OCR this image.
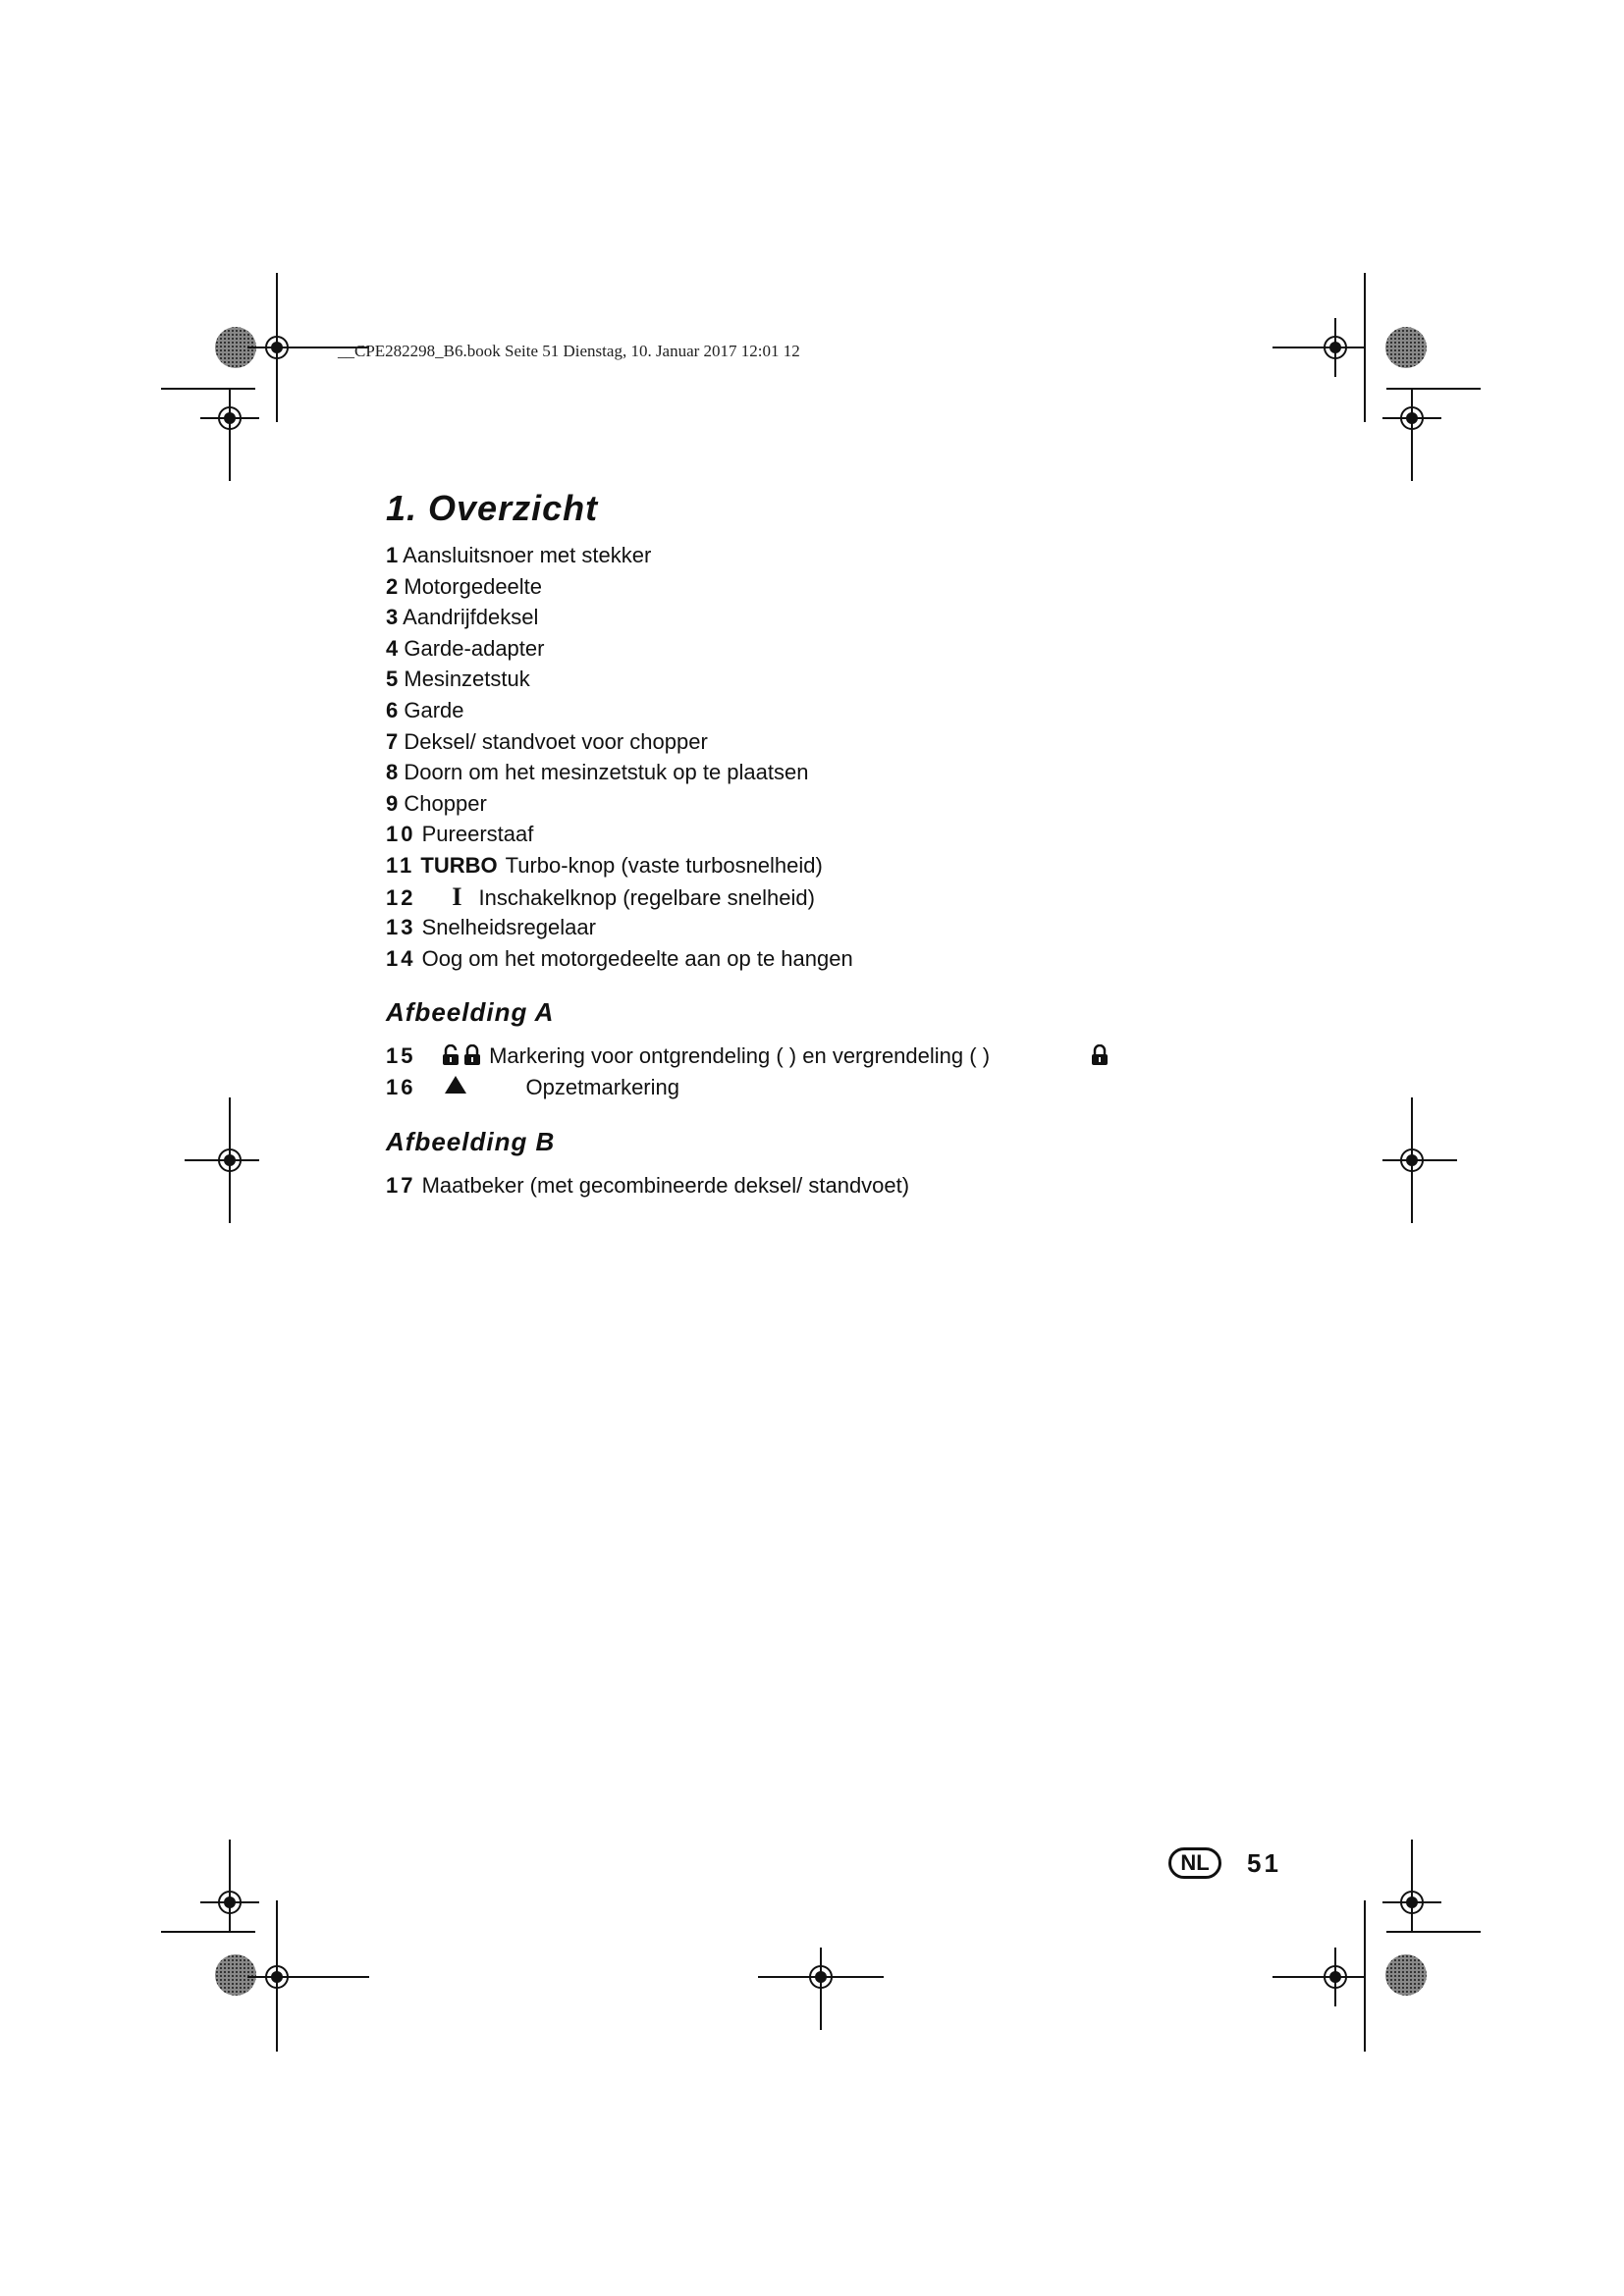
__CPE282298_B6.book Seite 51 Dienstag, 10. Januar 2017 12:01 12
1. Overzicht
1 Aansluitsnoer met stekker
2 Motorgedeelte
3 Aandrijfdeksel
4 Garde-adapter
5 Mesinzetstuk
6 Garde
7 Deksel/ standvoet voor chopper
8 Doorn om het mesinzetstuk op te plaatsen
9 Chopper
10 Pureerstaaf
11 TURBO Turbo-knop (vaste turbosnelheid)
12 I Inschakelknop (regelbare snelheid)
13 Snelheidsregelaar
14 Oog om het motorgedeelte aan op te hangen
Afbeelding A
15	Markering voor ontgrendeling ( ) en vergrendeling ( )
16	Opzetmarkering
Afbeelding B
17 Maatbeker (met gecombineerde deksel/ standvoet)
NL	51
